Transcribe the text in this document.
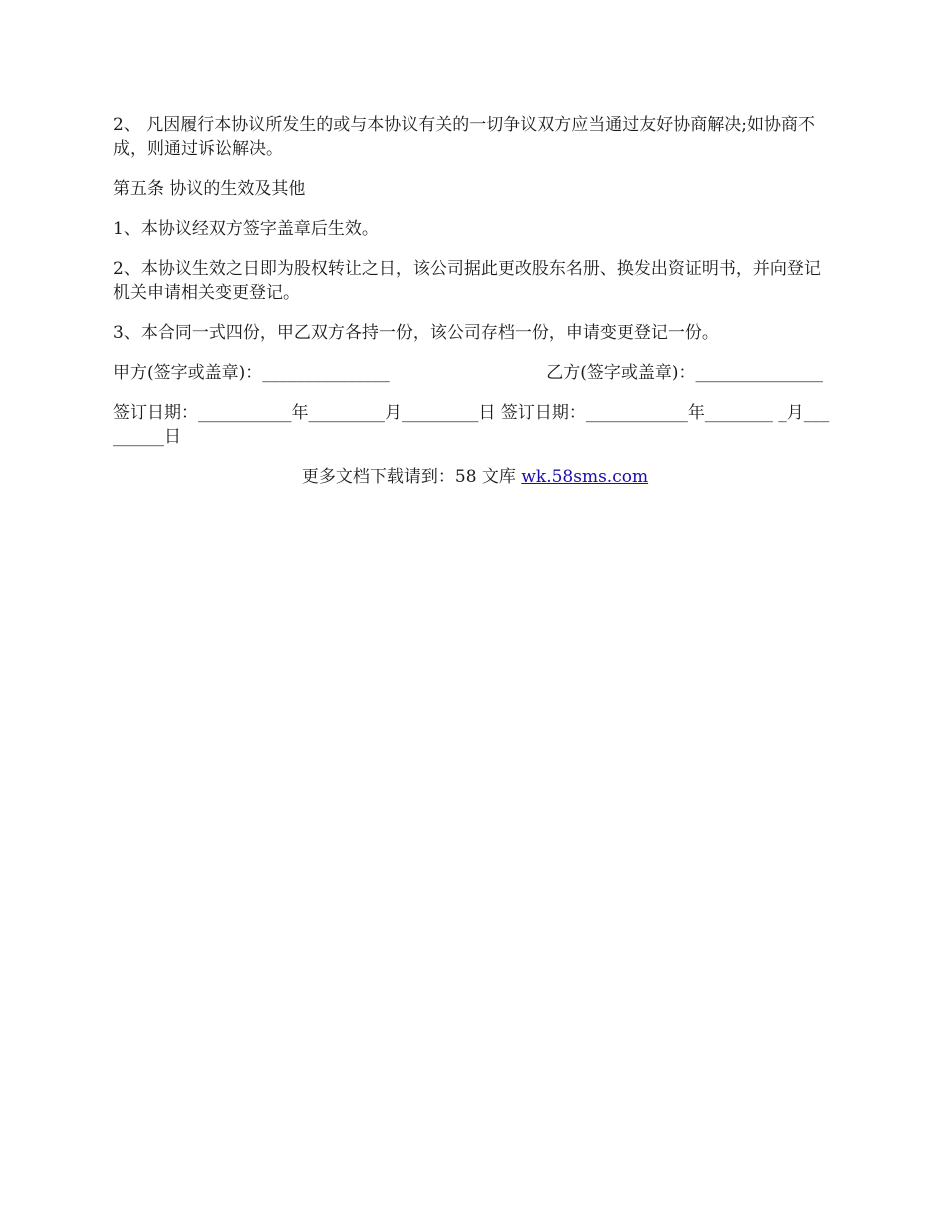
2、 凡因履行本协议所发生的或与本协议有关的一切争议双方应当通过友好协商解决;如协商不成，则通过诉讼解决。

第五条 协议的生效及其他

1、本协议经双方签字盖章后生效。

2、本协议生效之日即为股权转让之日，该公司据此更改股东名册、换发出资证明书，并向登记机关申请相关变更登记。

3、本合同一式四份，甲乙双方各持一份，该公司存档一份，申请变更登记一份。

甲方(签字或盖章)：_______________	乙方(签字或盖章)：_______________

签订日期：___________年_________月_________日 签订日期：____________年________ _月_________日

更多文档下载请到：58 文库 wk.58sms.com
